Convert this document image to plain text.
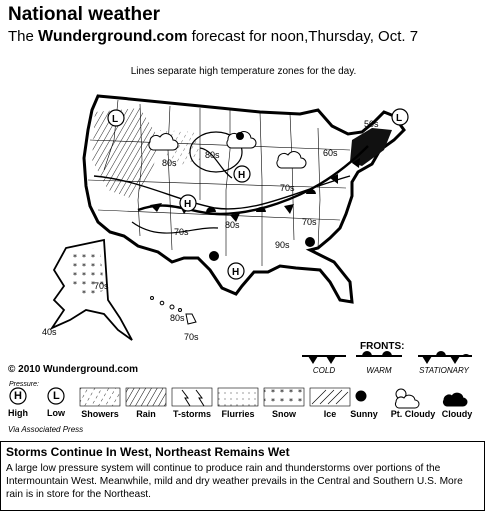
National weather
The Wunderground.com forecast for noon,Thursday, Oct. 7
Lines separate high temperature zones for the day.
L	L
H
H
H
50s
60s
80s
70s
70s
80s
90s
70s
80s
40s	70s
80s
70s
H	L
© 2010 Wunderground.com
FRONTS:
COLD	WARM	STATIONARY
Pressure:
High	Low	Showers	Rain	T-storms	Flurries	Snow	Ice	Sunny	Pt. Cloudy Cloudy
Via Associated Press
Storms Continue In West, Northeast Remains Wet
A large low pressure system will continue to produce rain and thunderstorms over portions of the Intermountain West. Meanwhile, mild and dry weather prevails in the Central and Southern U.S. More rain is in store for the Northeast.
